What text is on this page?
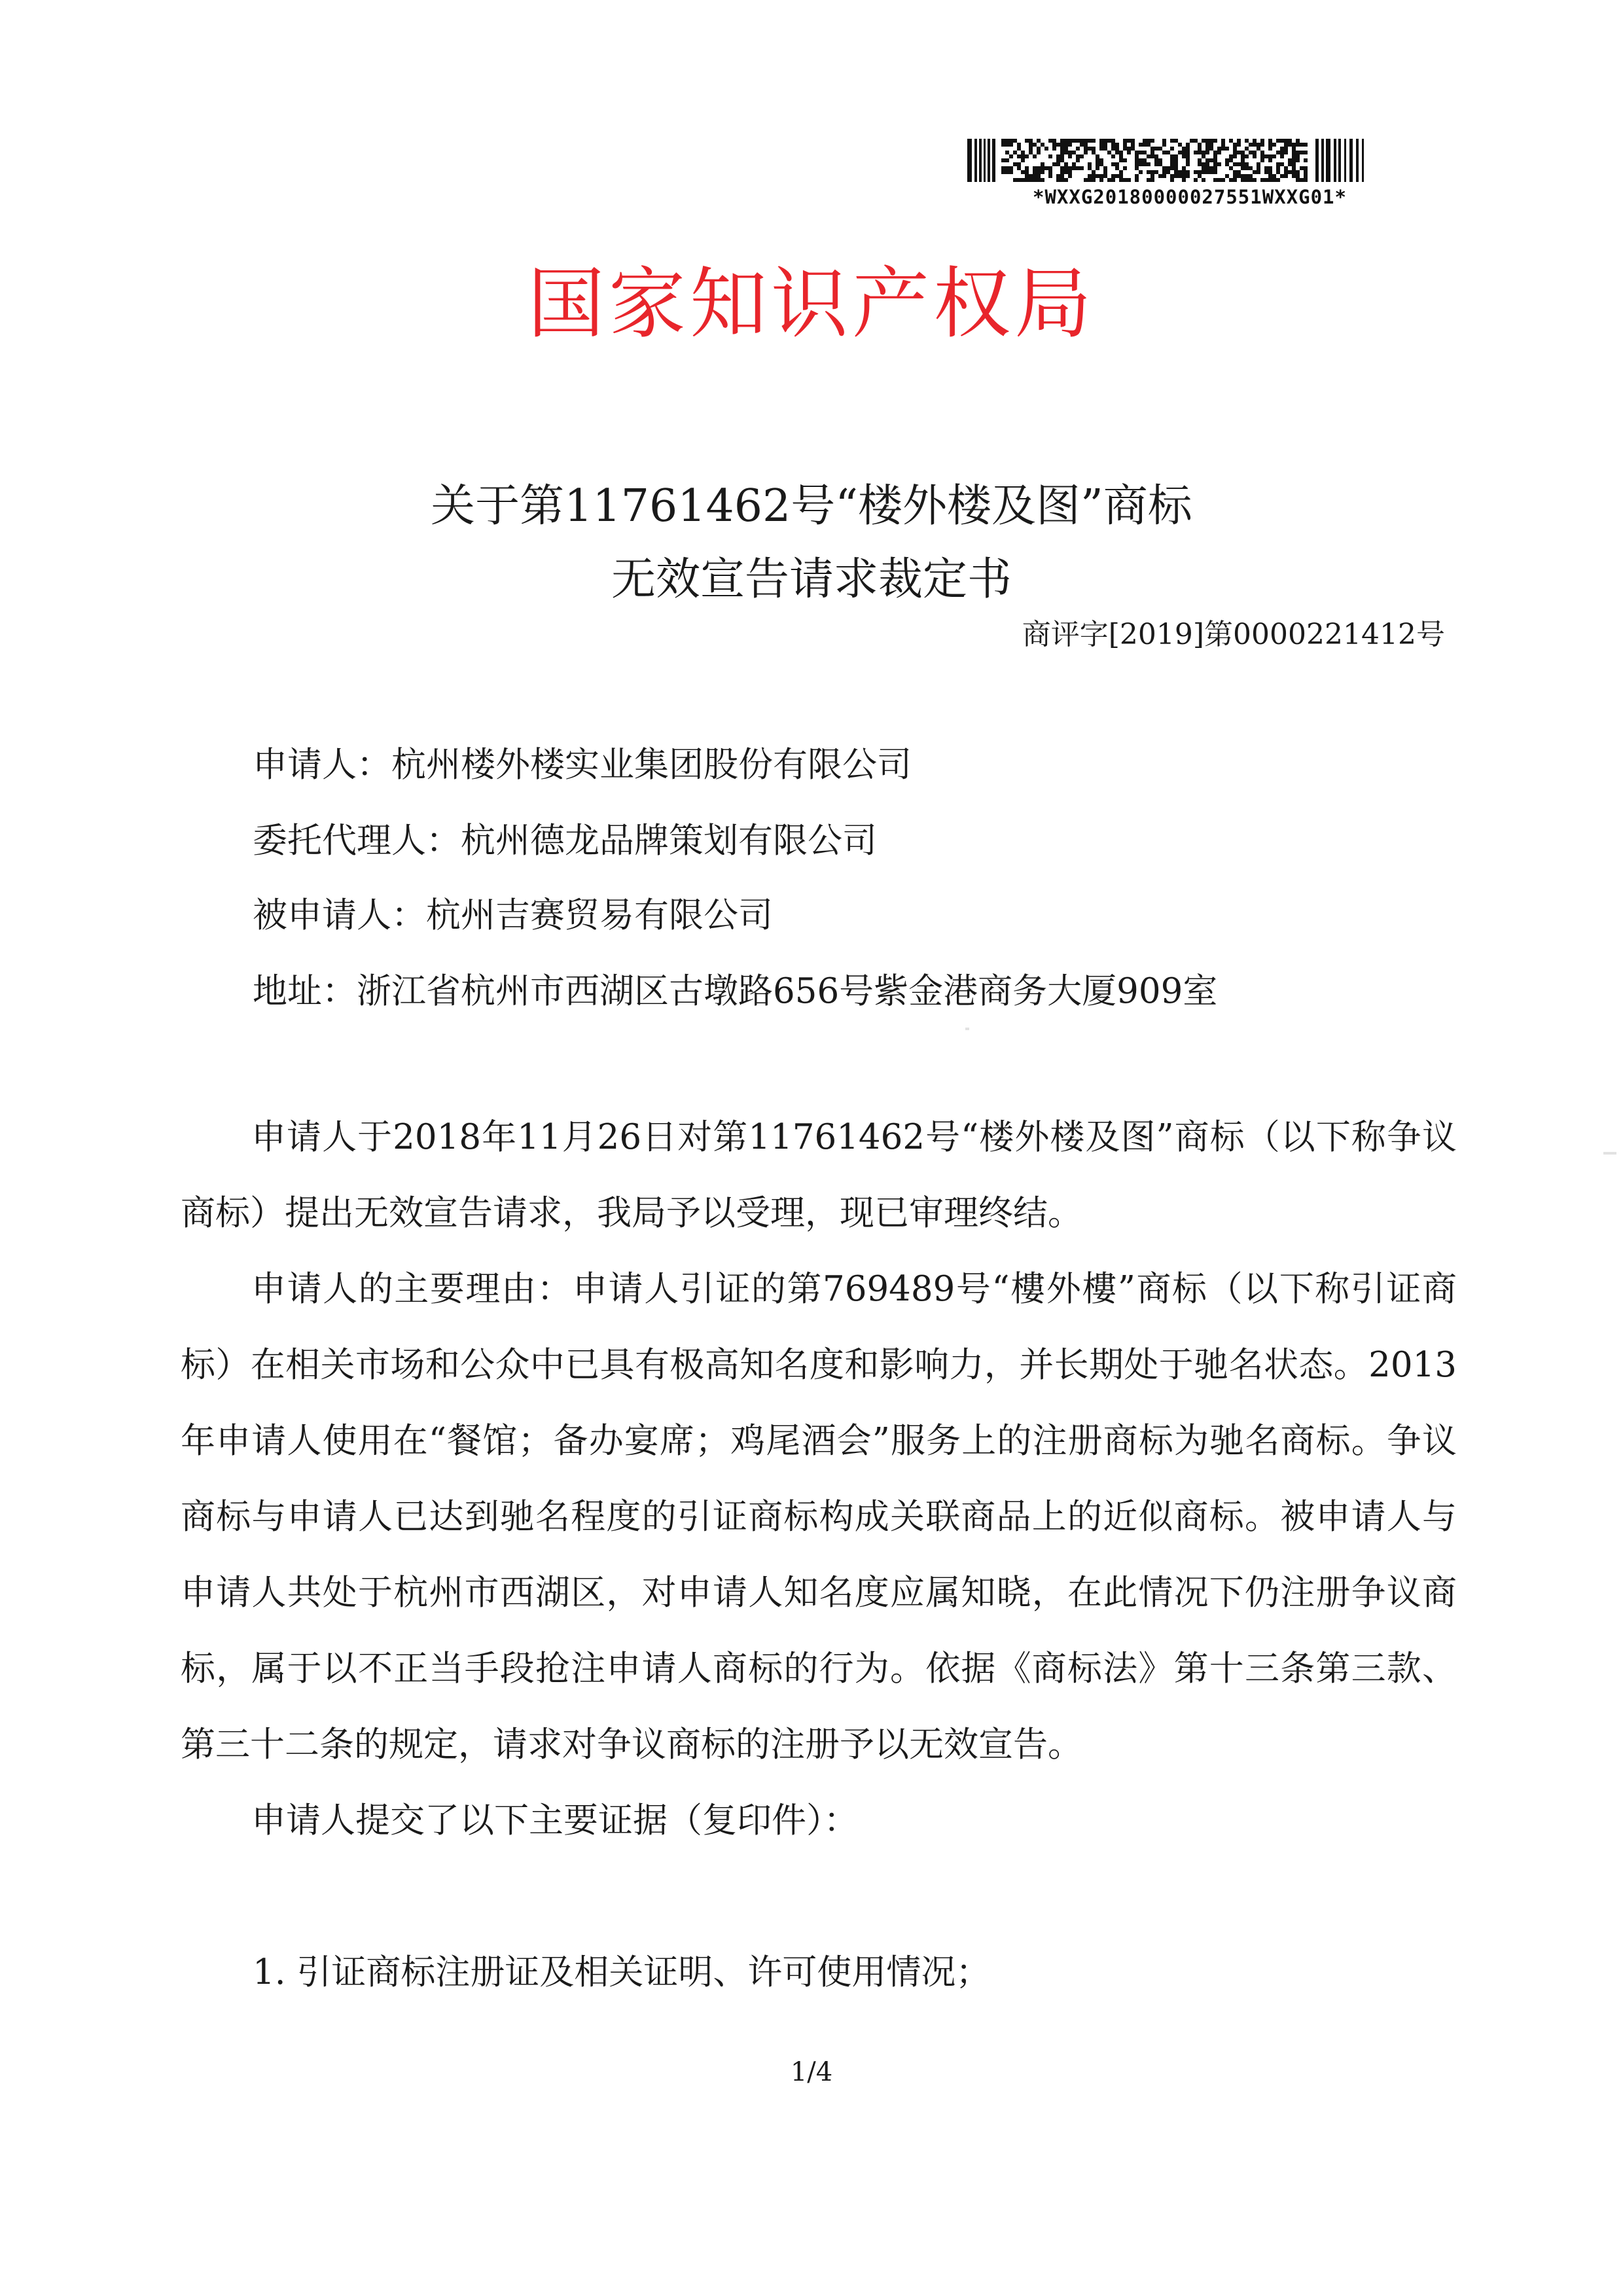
*WXXG20180000027551WXXG01*
国家知识产权局
关于第11761462号“楼外楼及图”商标
无效宣告请求裁定书
商评字[2019]第0000221412号
申请人：杭州楼外楼实业集团股份有限公司
委托代理人：杭州德龙品牌策划有限公司
被申请人：杭州吉赛贸易有限公司
地址：浙江省杭州市西湖区古墩路656号紫金港商务大厦909室

申请人于2018年11月26日对第11761462号“楼外楼及图”商标（以下称争议商标）提出无效宣告请求，我局予以受理，现已审理终结。

申请人的主要理由：申请人引证的第769489号“樓外樓”商标（以下称引证商标）在相关市场和公众中已具有极高知名度和影响力，并长期处于驰名状态。2013年申请人使用在“餐馆；备办宴席；鸡尾酒会”服务上的注册商标为驰名商标。争议商标与申请人已达到驰名程度的引证商标构成关联商品上的近似商标。被申请人与申请人共处于杭州市西湖区，对申请人知名度应属知晓，在此情况下仍注册争议商标，属于以不正当手段抢注申请人商标的行为。依据《商标法》第十三条第三款、第三十二条的规定，请求对争议商标的注册予以无效宣告。

申请人提交了以下主要证据（复印件）：

1. 引证商标注册证及相关证明、许可使用情况；

1/4
